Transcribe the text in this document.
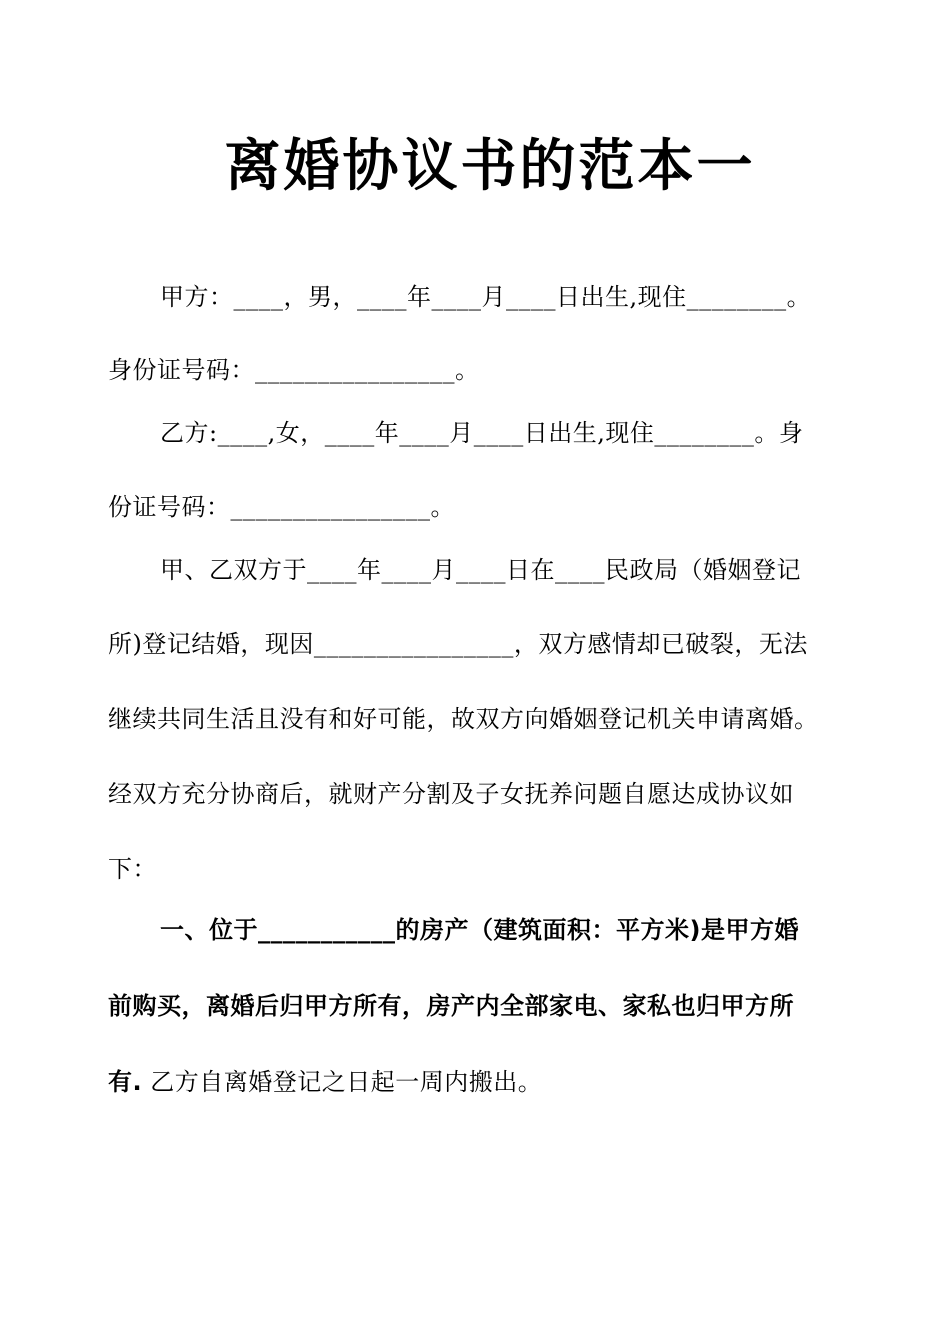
离婚协议书的范本一
甲方：____，男，____年____月____日出生,现住________。
身份证号码：________________。
乙方:____,女，____年____月____日出生,现住________。身
份证号码：________________。
甲、乙双方于____年____月____日在____民政局（婚姻登记
所)登记结婚，现因________________，双方感情却已破裂，无法
继续共同生活且没有和好可能，故双方向婚姻登记机关申请离婚。
经双方充分协商后，就财产分割及子女抚养问题自愿达成协议如
下：
一、位于___________的房产（建筑面积：平方米)是甲方婚
前购买，离婚后归甲方所有，房产内全部家电、家私也归甲方所
有. 乙方自离婚登记之日起一周内搬出。
